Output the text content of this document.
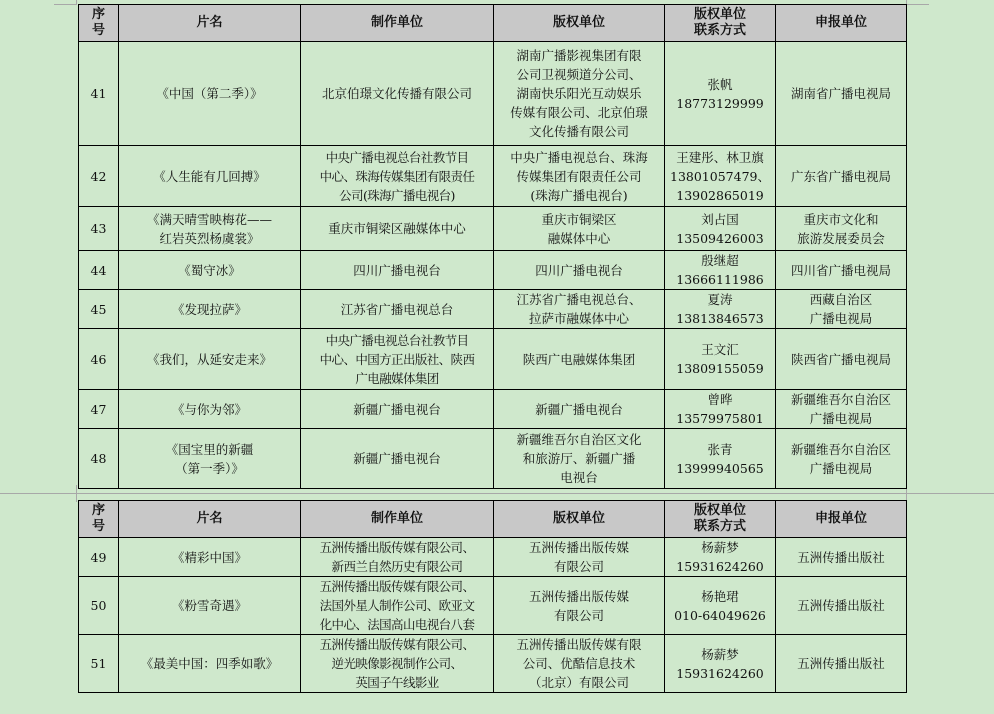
序
号	片名	制作单位	版权单位	版权单位
联系方式	申报单位
41	《中国（第二季）》	北京伯璟文化传播有限公司	湖南广播影视集团有限
公司卫视频道分公司、
湖南快乐阳光互动娱乐
传媒有限公司、北京伯璟
文化传播有限公司	张帆
18773129999	湖南省广播电视局
42	《人生能有几回搏》	中央广播电视总台社教节目
中心、珠海传媒集团有限责任
公司(珠海广播电视台)	中央广播电视总台、珠海
传媒集团有限责任公司
(珠海广播电视台)	王建彤、林卫旗
13801057479、
13902865019	广东省广播电视局
43	《满天晴雪映梅花——
红岩英烈杨虞裳》	重庆市铜梁区融媒体中心	重庆市铜梁区
融媒体中心	刘占国
13509426003	重庆市文化和
旅游发展委员会
44	《蜀守冰》	四川广播电视台	四川广播电视台	殷继超
13666111986	四川省广播电视局
45	《发现拉萨》	江苏省广播电视总台	江苏省广播电视总台、
拉萨市融媒体中心	夏涛
13813846573	西藏自治区
广播电视局
46	《我们，从延安走来》	中央广播电视总台社教节目
中心、中国方正出版社、陕西
广电融媒体集团	陕西广电融媒体集团	王文汇
13809155059	陕西省广播电视局
47	《与你为邻》	新疆广播电视台	新疆广播电视台	曾晔
13579975801	新疆维吾尔自治区
广播电视局
48	《国宝里的新疆
（第一季）》	新疆广播电视台	新疆维吾尔自治区文化
和旅游厅、新疆广播
电视台	张青
13999940565	新疆维吾尔自治区
广播电视局
序
号	片名	制作单位	版权单位	版权单位
联系方式	申报单位
49	《精彩中国》	五洲传播出版传媒有限公司、
新西兰自然历史有限公司	五洲传播出版传媒
有限公司	杨薪梦
15931624260	五洲传播出版社
50	《粉雪奇遇》	五洲传播出版传媒有限公司、
法国外星人制作公司、欧亚文
化中心、法国高山电视台八套	五洲传播出版传媒
有限公司	杨艳珺
010-64049626	五洲传播出版社
51	《最美中国：四季如歌》	五洲传播出版传媒有限公司、
逆光映像影视制作公司、
英国子午线影业	五洲传播出版传媒有限
公司、优酷信息技术
（北京）有限公司	杨薪梦
15931624260	五洲传播出版社
